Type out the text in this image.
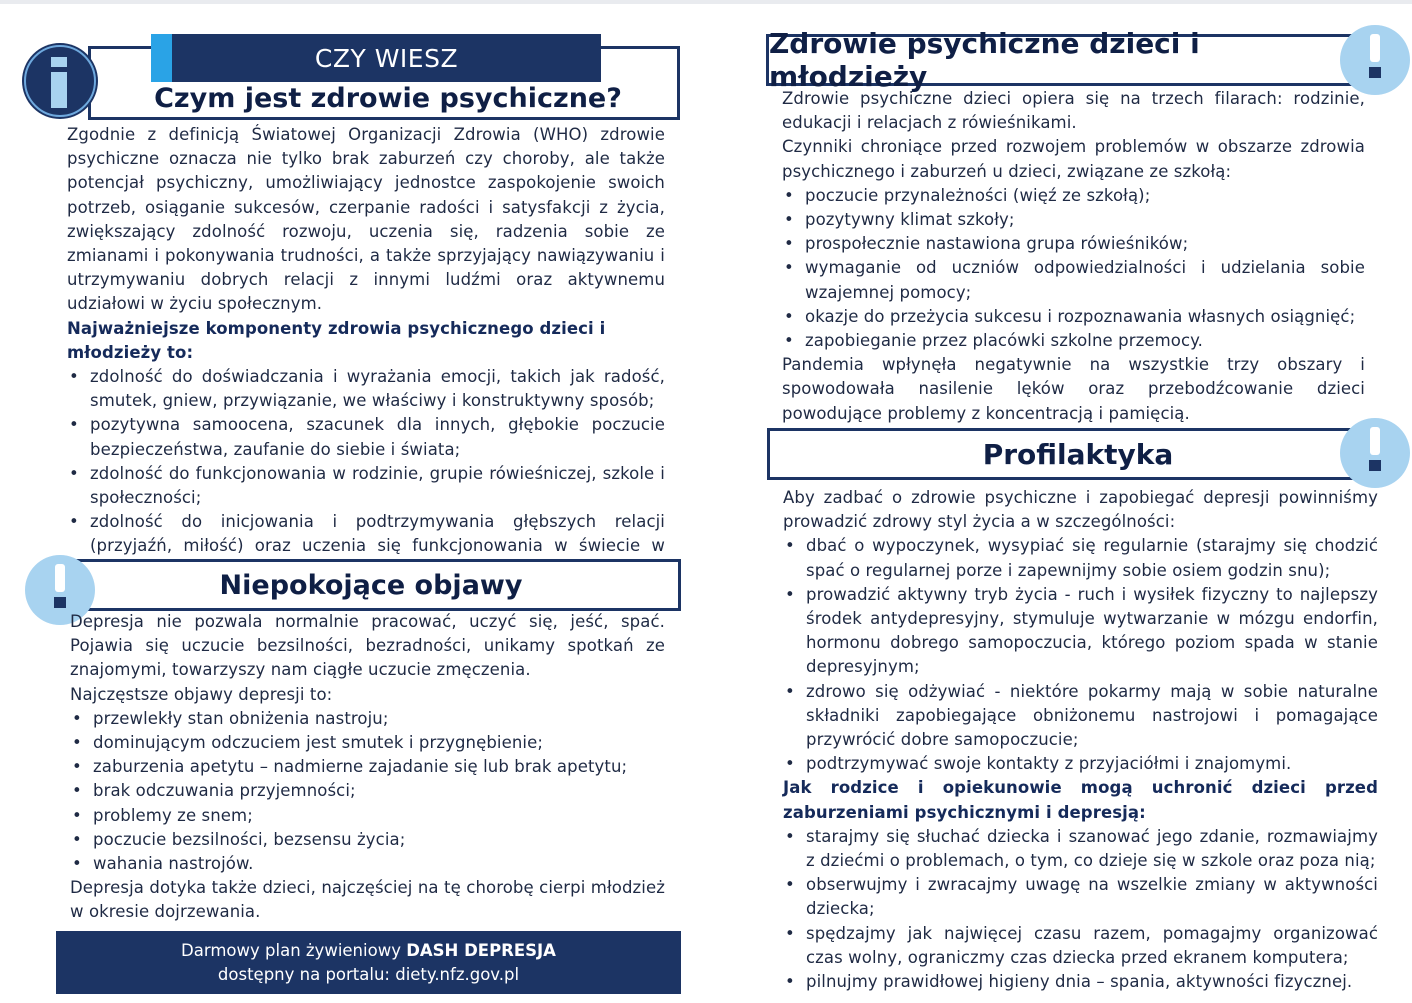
Czym jest zdrowie psychiczne?
CZY WIESZ

Zgodnie z definicją Światowej Organizacji Zdrowia (WHO) zdrowie psychiczne oznacza nie tylko brak zaburzeń czy choroby, ale także potencjał psychiczny, umożliwiający jednostce zaspokojenie swoich potrzeb, osiąganie sukcesów, czerpanie radości i satysfakcji z życia, zwiększający zdolność rozwoju, uczenia się, radzenia sobie ze zmianami i pokonywania trudności, a także sprzyjający nawiązywaniu i utrzymywaniu dobrych relacji z innymi ludźmi oraz aktywnemu udziałowi w życiu społecznym.

Najważniejsze komponenty zdrowia psychicznego dzieci i młodzieży to:

• zdolność do doświadczania i wyrażania emocji, takich jak radość, smutek, gniew, przywiązanie, we właściwy i konstruktywny sposób;
• pozytywna samoocena, szacunek dla innych, głębokie poczucie bezpieczeństwa, zaufanie do siebie i świata;
• zdolność do funkcjonowania w rodzinie, grupie rówieśniczej, szkole i społeczności;
• zdolność do inicjowania i podtrzymywania głębszych relacji (przyjaźń, miłość) oraz uczenia się funkcjonowania w świecie w
Niepokojące objawy

Depresja nie pozwala normalnie pracować, uczyć się, jeść, spać. Pojawia się uczucie bezsilności, bezradności, unikamy spotkań ze znajomymi, towarzyszy nam ciągłe uczucie zmęczenia.

Najczęstsze objawy depresji to:

• przewlekły stan obniżenia nastroju;
• dominującym odczuciem jest smutek i przygnębienie;
• zaburzenia apetytu – nadmierne zajadanie się lub brak apetytu;
• brak odczuwania przyjemności;
• problemy ze snem;
• poczucie bezsilności, bezsensu życia;
• wahania nastrojów.

Depresja dotyka także dzieci, najczęściej na tę chorobę cierpi młodzież w okresie dojrzewania.

Darmowy plan żywieniowy DASH DEPRESJA
dostępny na portalu: diety.nfz.gov.pl
Zdrowie psychiczne dzieci i młodzieży

Zdrowie psychiczne dzieci opiera się na trzech filarach: rodzinie, edukacji i relacjach z rówieśnikami.

Czynniki chroniące przed rozwojem problemów w obszarze zdrowia psychicznego i zaburzeń u dzieci, związane ze szkołą:

• poczucie przynależności (więź ze szkołą);
• pozytywny klimat szkoły;
• prospołecznie nastawiona grupa rówieśników;
• wymaganie od uczniów odpowiedzialności i udzielania sobie wzajemnej pomocy;
• okazje do przeżycia sukcesu i rozpoznawania własnych osiągnięć;
• zapobieganie przez placówki szkolne przemocy.

Pandemia wpłynęła negatywnie na wszystkie trzy obszary i spowodowała nasilenie lęków oraz przebodźcowanie dzieci powodujące problemy z koncentracją i pamięcią.

Profilaktyka

Aby zadbać o zdrowie psychiczne i zapobiegać depresji powinniśmy prowadzić zdrowy styl życia a w szczególności:

• dbać o wypoczynek, wysypiać się regularnie (starajmy się chodzić spać o regularnej porze i zapewnijmy sobie osiem godzin snu);
• prowadzić aktywny tryb życia - ruch i wysiłek fizyczny to najlepszy środek antydepresyjny, stymuluje wytwarzanie w mózgu endorfin, hormonu dobrego samopoczucia, którego poziom spada w stanie depresyjnym;
• zdrowo się odżywiać - niektóre pokarmy mają w sobie naturalne składniki zapobiegające obniżonemu nastrojowi i pomagające przywrócić dobre samopoczucie;
• podtrzymywać swoje kontakty z przyjaciółmi i znajomymi.

Jak rodzice i opiekunowie mogą uchronić dzieci przed zaburzeniami psychicznymi i depresją:

• starajmy się słuchać dziecka i szanować jego zdanie, rozmawiajmy z dziećmi o problemach, o tym, co dzieje się w szkole oraz poza nią;
• obserwujmy i zwracajmy uwagę na wszelkie zmiany w aktywności dziecka;
• spędzajmy jak najwięcej czasu razem, pomagajmy organizować czas wolny, ograniczmy czas dziecka przed ekranem komputera;
• pilnujmy prawidłowej higieny dnia – spania, aktywności fizycznej.
